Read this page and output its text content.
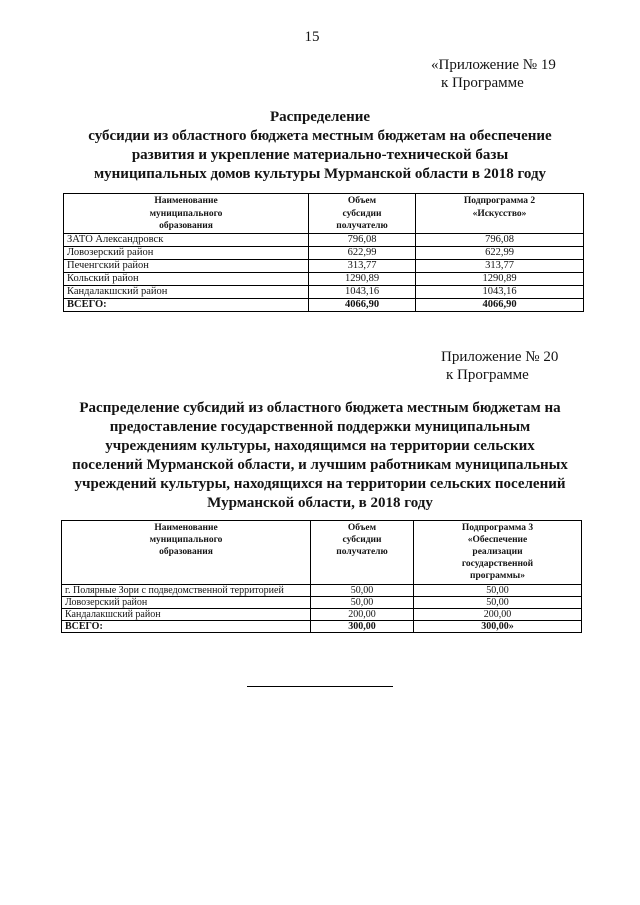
15
«Приложение № 19
к Программе
Распределение
субсидии из областного бюджета местным бюджетам на обеспечение
развития и укрепление материально-технической базы
муниципальных домов культуры Мурманской области в 2018 году
Наименование
муниципального
образования	Объем
субсидии
получателю	Подпрограмма 2
«Искусство»

ЗАТО Александровск	796,08	796,08
Ловозерский район	622,99	622,99
Печенгский район	313,77	313,77
Кольский район	1290,89	1290,89
Кандалакшский район	1043,16	1043,16
ВСЕГО:	4066,90	4066,90
Приложение № 20
к Программе
Распределение субсидий из областного бюджета местным бюджетам на
предоставление государственной поддержки муниципальным
учреждениям культуры, находящимся на территории сельских
поселений Мурманской области, и лучшим работникам муниципальных
учреждений культуры, находящихся на территории сельских поселений
Мурманской области, в 2018 году
Наименование
муниципального
образования	Объем
субсидии
получателю	Подпрограмма 3
«Обеспечение
реализации
государственной
программы»

г. Полярные Зори с подведомственной территорией	50,00	50,00
Ловозерский район	50,00	50,00
Кандалакшский район	200,00	200,00
ВСЕГО:	300,00	300,00»
